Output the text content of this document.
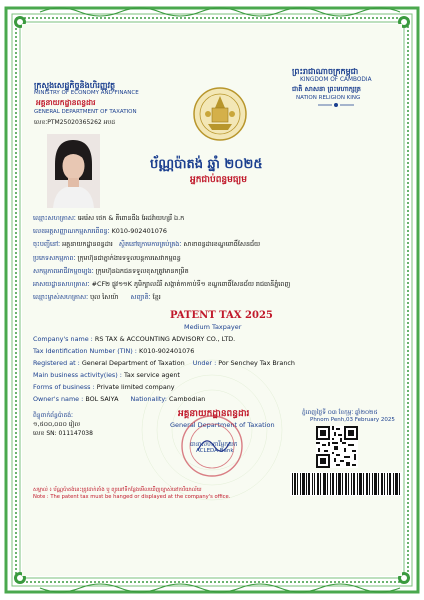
ក្រសួងសេដ្ឋកិច្ចនិងហិរញ្ញវត្ថុ
MINISTRY OF ECONOMY AND FINANCE
អគ្គនាយកដ្ឋានពន្ធដារ
GENERAL DEPARTMENT OF TAXATION
លេខៈPTM25020365262 អបដ
ព្រះរាជាណាចក្រកម្ពុជា
KINGDOM OF CAMBODIA
ជាតិ សាសនា ព្រះមហាក្សត្រ
NATION RELIGION KING
ប័ណ្ណប៉ាតង់ ឆ្នាំ ២០២៥
អ្នកជាប់ពន្ធមធ្យម
ឈ្មោះសហគ្រាសៈ អេរ៉េស ថេក & គីពោនធីង អែដវ៉ាយហ្សរី ឯ.ក
លេខអត្តសញ្ញាណកម្មសារពើពន្ធៈ K010-902401076
ចុះបញ្ជីនៅៈ អគ្គនាយកដ្ឋានពន្ធដារ ស្ថិតនៅក្រោមការគ្រប់គ្រងៈ សាខាពន្ធដារខណ្ឌពោធិ៍សែនជ័យ
ប្រភេទសកម្មភាពៈ ក្រុមហ៊ុនជាភ្នាក់ងារទទួលបន្តការសេវាកម្មពន្ធ
សកម្មភាពអាជីវកម្មចម្បងៈ ក្រុមហ៊ុនឯកជនទទួលខុសត្រូវមានកម្រិត
អាសយដ្ឋានសហគ្រាសៈ #CF២ ផ្លូវ១១K ភូមិក្បាលដំរី សង្កាត់កាកាប់ទី១ ខណ្ឌពោធិ៍សែនជ័យ រាជធានីភ្នំពេញ
ឈ្មោះម្ចាស់សហគ្រាសៈ បុល សៃយ៉ា សញ្ជាតិៈ ខ្មែរ
PATENT TAX 2025
Medium Taxpayer
Company's name : RS TAX & ACCOUNTING ADVISORY CO., LTD.
Tax Identification Number (TIN) : K010-902401076
Registered at : General Department of Taxation Under : Por Senchey Tax Branch
Main business activity(ies) : Tax service agent
Forms of business : Private limited company
Owner's name : BOL SAIYA Nationality: Cambodian
ពិន្ទុពាក់ព័ន្ធប៉ាតង់ៈ
១,៥០០,០០០ រៀល
លេខ SN: 011147038
អគ្គនាយកដ្ឋានពន្ធដារ
General Department of Taxation
ធានាសហការីអ្នកយក
ACLEDA Bank
ភ្នំពេញថ្ងៃទី ០៣ ខែកុម្ភៈ ឆ្នាំ២០២៥
Phnom Penh,03 February 2025
សម្គាល់ ៖ ប័ណ្ណប៉ាតង់នេះត្រូវដាក់តាំង ឬ ព្យួរនៅទីកន្លែងមើលឃើញច្បាស់នៅការិយាល័យ
Note : The patent tax must be hanged or displayed at the company's office.
